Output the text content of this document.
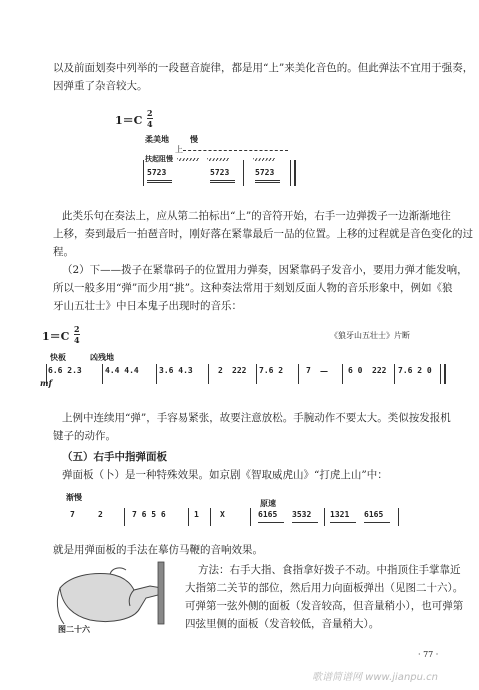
以及前面划奏中列举的一段琶音旋律，都是用“上”来美化音色的。但此弹法不宜用于强奏，
因弹重了杂音较大。
1＝C
2
4
柔美地	慢
上
扶起阻慢
5723	5723	5723
此类乐句在奏法上，应从第二拍标出“上”的音符开始，右手一边弹拨子一边渐渐地往
上移，奏到最后一拍琶音时，刚好落在紧靠最后一品的位置。上移的过程就是音色变化的过
程。
（2）下——拨子在紧靠码子的位置用力弹奏，因紧靠码子发音小，要用力弹才能发响，
所以一般多用“弹”而少用“挑”。这种奏法常用于刻划反面人物的音乐形象中，例如《狼
牙山五壮士》中日本鬼子出现时的音乐：
1＝C
2
4	《狼牙山五壮士》片断
快板	凶残地
6.6 2.3	4.4 4.4	3.6 4.3	2 222 7.6 2	7 —	6 0 222 7.6 2 0
mf
上例中连续用“弹”，手容易紧张，故要注意放松。手腕动作不要太大。类似按发报机
键子的动作。
（五）右手中指弹面板
弹面板（卜）是一种特殊效果。如京剧《智取威虎山》“打虎上山”中：
渐慢
原速
7	2	7 6 5 6	1	X	6165 3532 1321 6165
就是用弹面板的手法在摹仿马鞭的音响效果。
图二十六
方法：右手大指、食指拿好拨子不动。中指顶住手掌靠近
大指第二关节的部位，然后用力向面板弹出（见图二十六）。
可弹第一弦外侧的面板（发音较高，但音量稍小），也可弹第
四弦里侧的面板（发音较低，音量稍大）。
· 77 ·
歌谱简谱网 www.jianpu.cn
